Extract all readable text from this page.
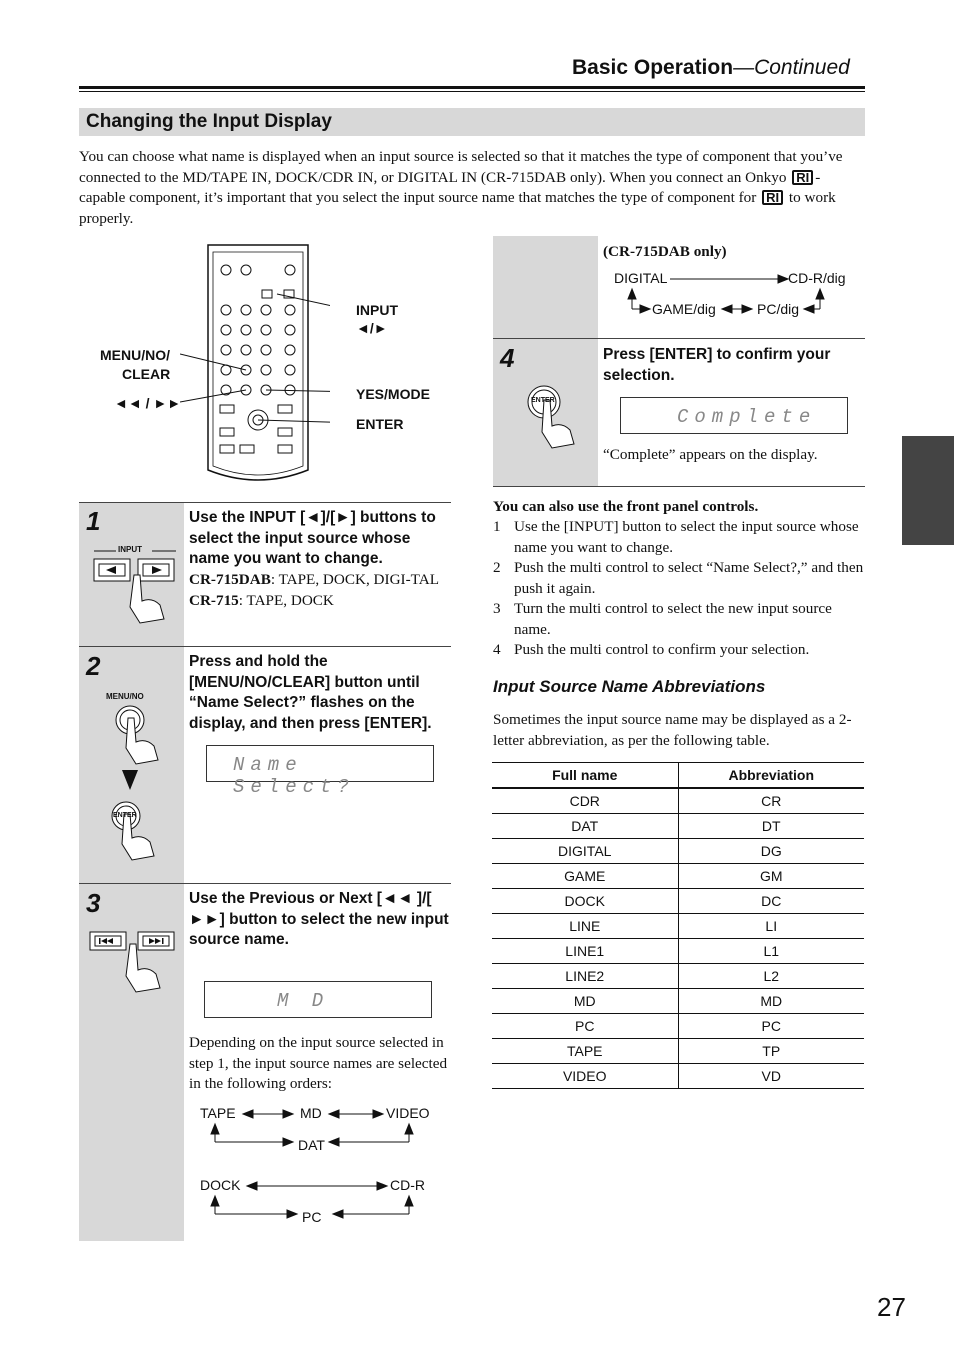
Basic Operation—Continued
Changing the Input Display
You can choose what name is displayed when an input source is selected so that it matches the type of component that you’ve connected to the MD/TAPE IN, DOCK/CDR IN, or DIGITAL IN (CR-715DAB only). When you connect an Onkyo RI -capable component, it’s important that you select the input source name that matches the type of component for RI to work properly.
INPUT
◄/►
MENU/NO/
CLEAR
◄◄ / ►►
YES/MODE
ENTER
1
INPUT
Use the INPUT [◄]/[►] buttons to select the input source whose name you want to change.
CR-715DAB: TAPE, DOCK, DIGI-TAL
CR-715: TAPE, DOCK
2
MENU/NO
ENTER
Press and hold the [MENU/NO/CLEAR] button until “Name Select?” flashes on the display, and then press [ENTER].
Name Select?
3	Use the Previous or Next [◄◄ ]/[ ►►] button to select the new input source name.
M D
Depending on the input source selected in step 1, the input source names are selected in the following orders:
TAPE	MD	VIDEO
DAT
DOCK	CD-R
PC
(CR-715DAB only)
DIGITAL	CD-R/dig
GAME/dig	PC/dig
4
ENTER
Press [ENTER] to confirm your selection.
Complete
“Complete” appears on the display.
You can also use the front panel controls.
1 Use the [INPUT] button to select the input source whose name you want to change.
2 Push the multi control to select “Name Select?,” and then push it again.
3 Turn the multi control to select the new input source name.
4 Push the multi control to confirm your selection.
Input Source Name Abbreviations
Sometimes the input source name may be displayed as a 2-letter abbreviation, as per the following table.
Full name	Abbreviation
CDR	CR
DAT	DT
DIGITAL	DG
GAME	GM
DOCK	DC
LINE	LI
LINE1	L1
LINE2	L2
MD	MD
PC	PC
TAPE	TP
VIDEO	VD
27
